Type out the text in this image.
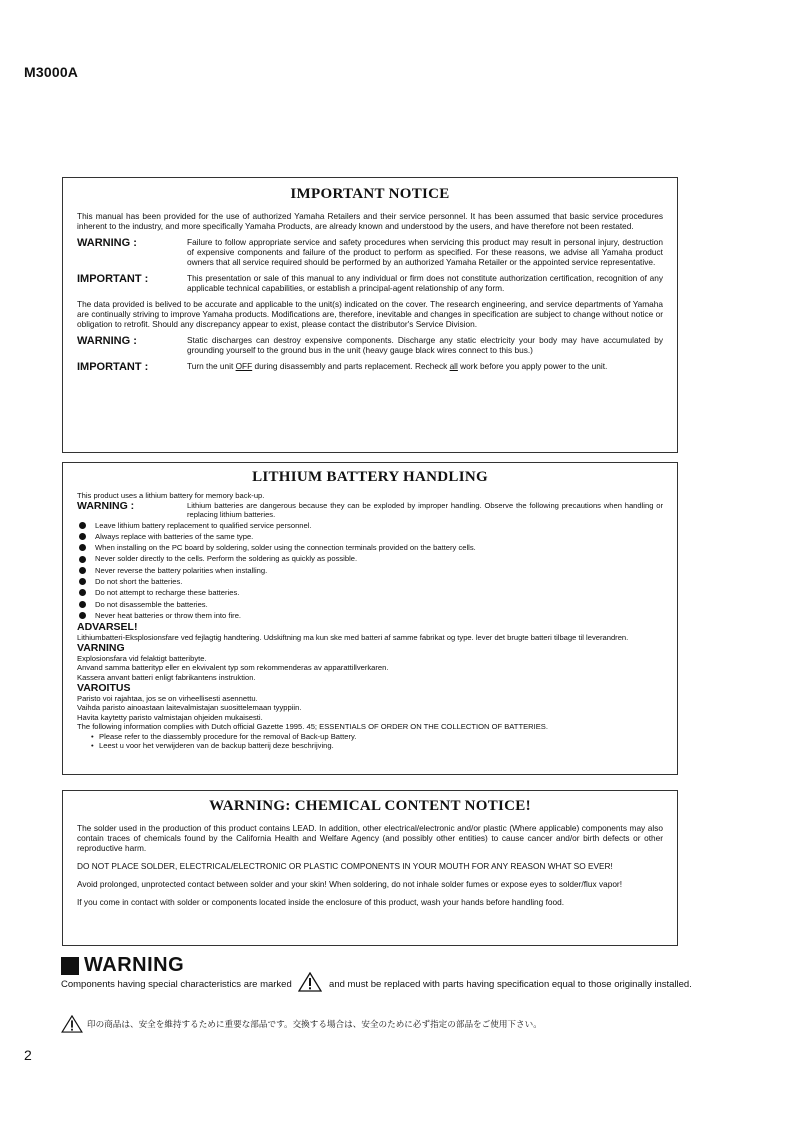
M3000A
IMPORTANT NOTICE

This manual has been provided for the use of authorized Yamaha Retailers and their service personnel. It has been assumed that basic service procedures inherent to the industry, and more specifically Yamaha Products, are already known and understood by the users, and have therefore not been restated.

WARNING :	Failure to follow appropriate service and safety procedures when servicing this product may result in personal injury, destruction of expensive components and failure of the product to perform as specified. For these reasons, we advise all Yamaha product owners that all service required should be performed by an authorized Yamaha Retailer or the appointed service representative.
IMPORTANT :	This presentation or sale of this manual to any individual or firm does not constitute authorization certification, recognition of any applicable technical capabilities, or establish a principal-agent relationship of any form.

The data provided is belived to be accurate and applicable to the unit(s) indicated on the cover. The research engineering, and service departments of Yamaha are continually striving to improve Yamaha products. Modifications are, therefore, inevitable and changes in specification are subject to change without notice or obligation to retrofit. Should any discrepancy appear to exist, please contact the distributor's Service Division.

WARNING :	Static discharges can destroy expensive components. Discharge any static electricity your body may have accumulated by grounding yourself to the ground bus in the unit (heavy gauge black wires connect to this bus.)
IMPORTANT :	Turn the unit OFF during disassembly and parts replacement. Recheck all work before you apply power to the unit.
LITHIUM BATTERY HANDLING

This product uses a lithium battery for memory back-up.

WARNING :	Lithium batteries are dangerous because they can be exploded by improper handling. Observe the following precautions when handling or replacing lithium batteries.
Leave lithium battery replacement to qualified service personnel.
Always replace with batteries of the same type.
When installing on the PC board by soldering, solder using the connection terminals provided on the battery cells.
Never solder directly to the cells. Perform the soldering as quickly as possible.
Never reverse the battery polarities when installing.
Do not short the batteries.
Do not attempt to recharge these batteries.
Do not disassemble the batteries.
Never heat batteries or throw them into fire.
ADVARSEL!

Lithiumbatteri-Eksplosionsfare ved fejlagtig handtering. Udskiftning ma kun ske med batteri af samme fabrikat og type. lever det brugte batteri tilbage til leverandren.

VARNING

Explosionsfara vid felaktigt batteribyte.

Anvand samma batterityp eller en ekvivalent typ som rekommenderas av apparattillverkaren.

Kassera anvant batteri enligt fabrikantens instruktion.

VAROITUS

Paristo voi rajahtaa, jos se on virheellisesti asennettu.

Vaihda paristo ainoastaan laitevalmistajan suosittelemaan tyyppiin.

Havita kaytetty paristo valmistajan ohjeiden mukaisesti.

The following information complies with Dutch official Gazette 1995. 45; ESSENTIALS OF ORDER ON THE COLLECTION OF BATTERIES.

• Please refer to the diassembly procedure for the removal of Back-up Battery.
• Leest u voor het verwijderen van de backup batterij deze beschrijving.
WARNING: CHEMICAL CONTENT NOTICE!

The solder used in the production of this product contains LEAD. In addition, other electrical/electronic and/or plastic (Where applicable) components may also contain traces of chemicals found by the California Health and Welfare Agency (and possibly other entities) to cause cancer and/or birth defects or other reproductive harm.

DO NOT PLACE SOLDER, ELECTRICAL/ELECTRONIC OR PLASTIC COMPONENTS IN YOUR MOUTH FOR ANY REASON WHAT SO EVER!

Avoid prolonged, unprotected contact between solder and your skin! When soldering, do not inhale solder fumes or expose eyes to solder/flux vapor!

If you come in contact with solder or components located inside the enclosure of this product, wash your hands before handling food.

WARNING
Components having special characteristics are marked	and must be replaced with parts having specification equal to those originally installed.
印の商品は、安全を維持するために重要な部品です。交換する場合は、安全のために必ず指定の部品をご使用下さい。
2
